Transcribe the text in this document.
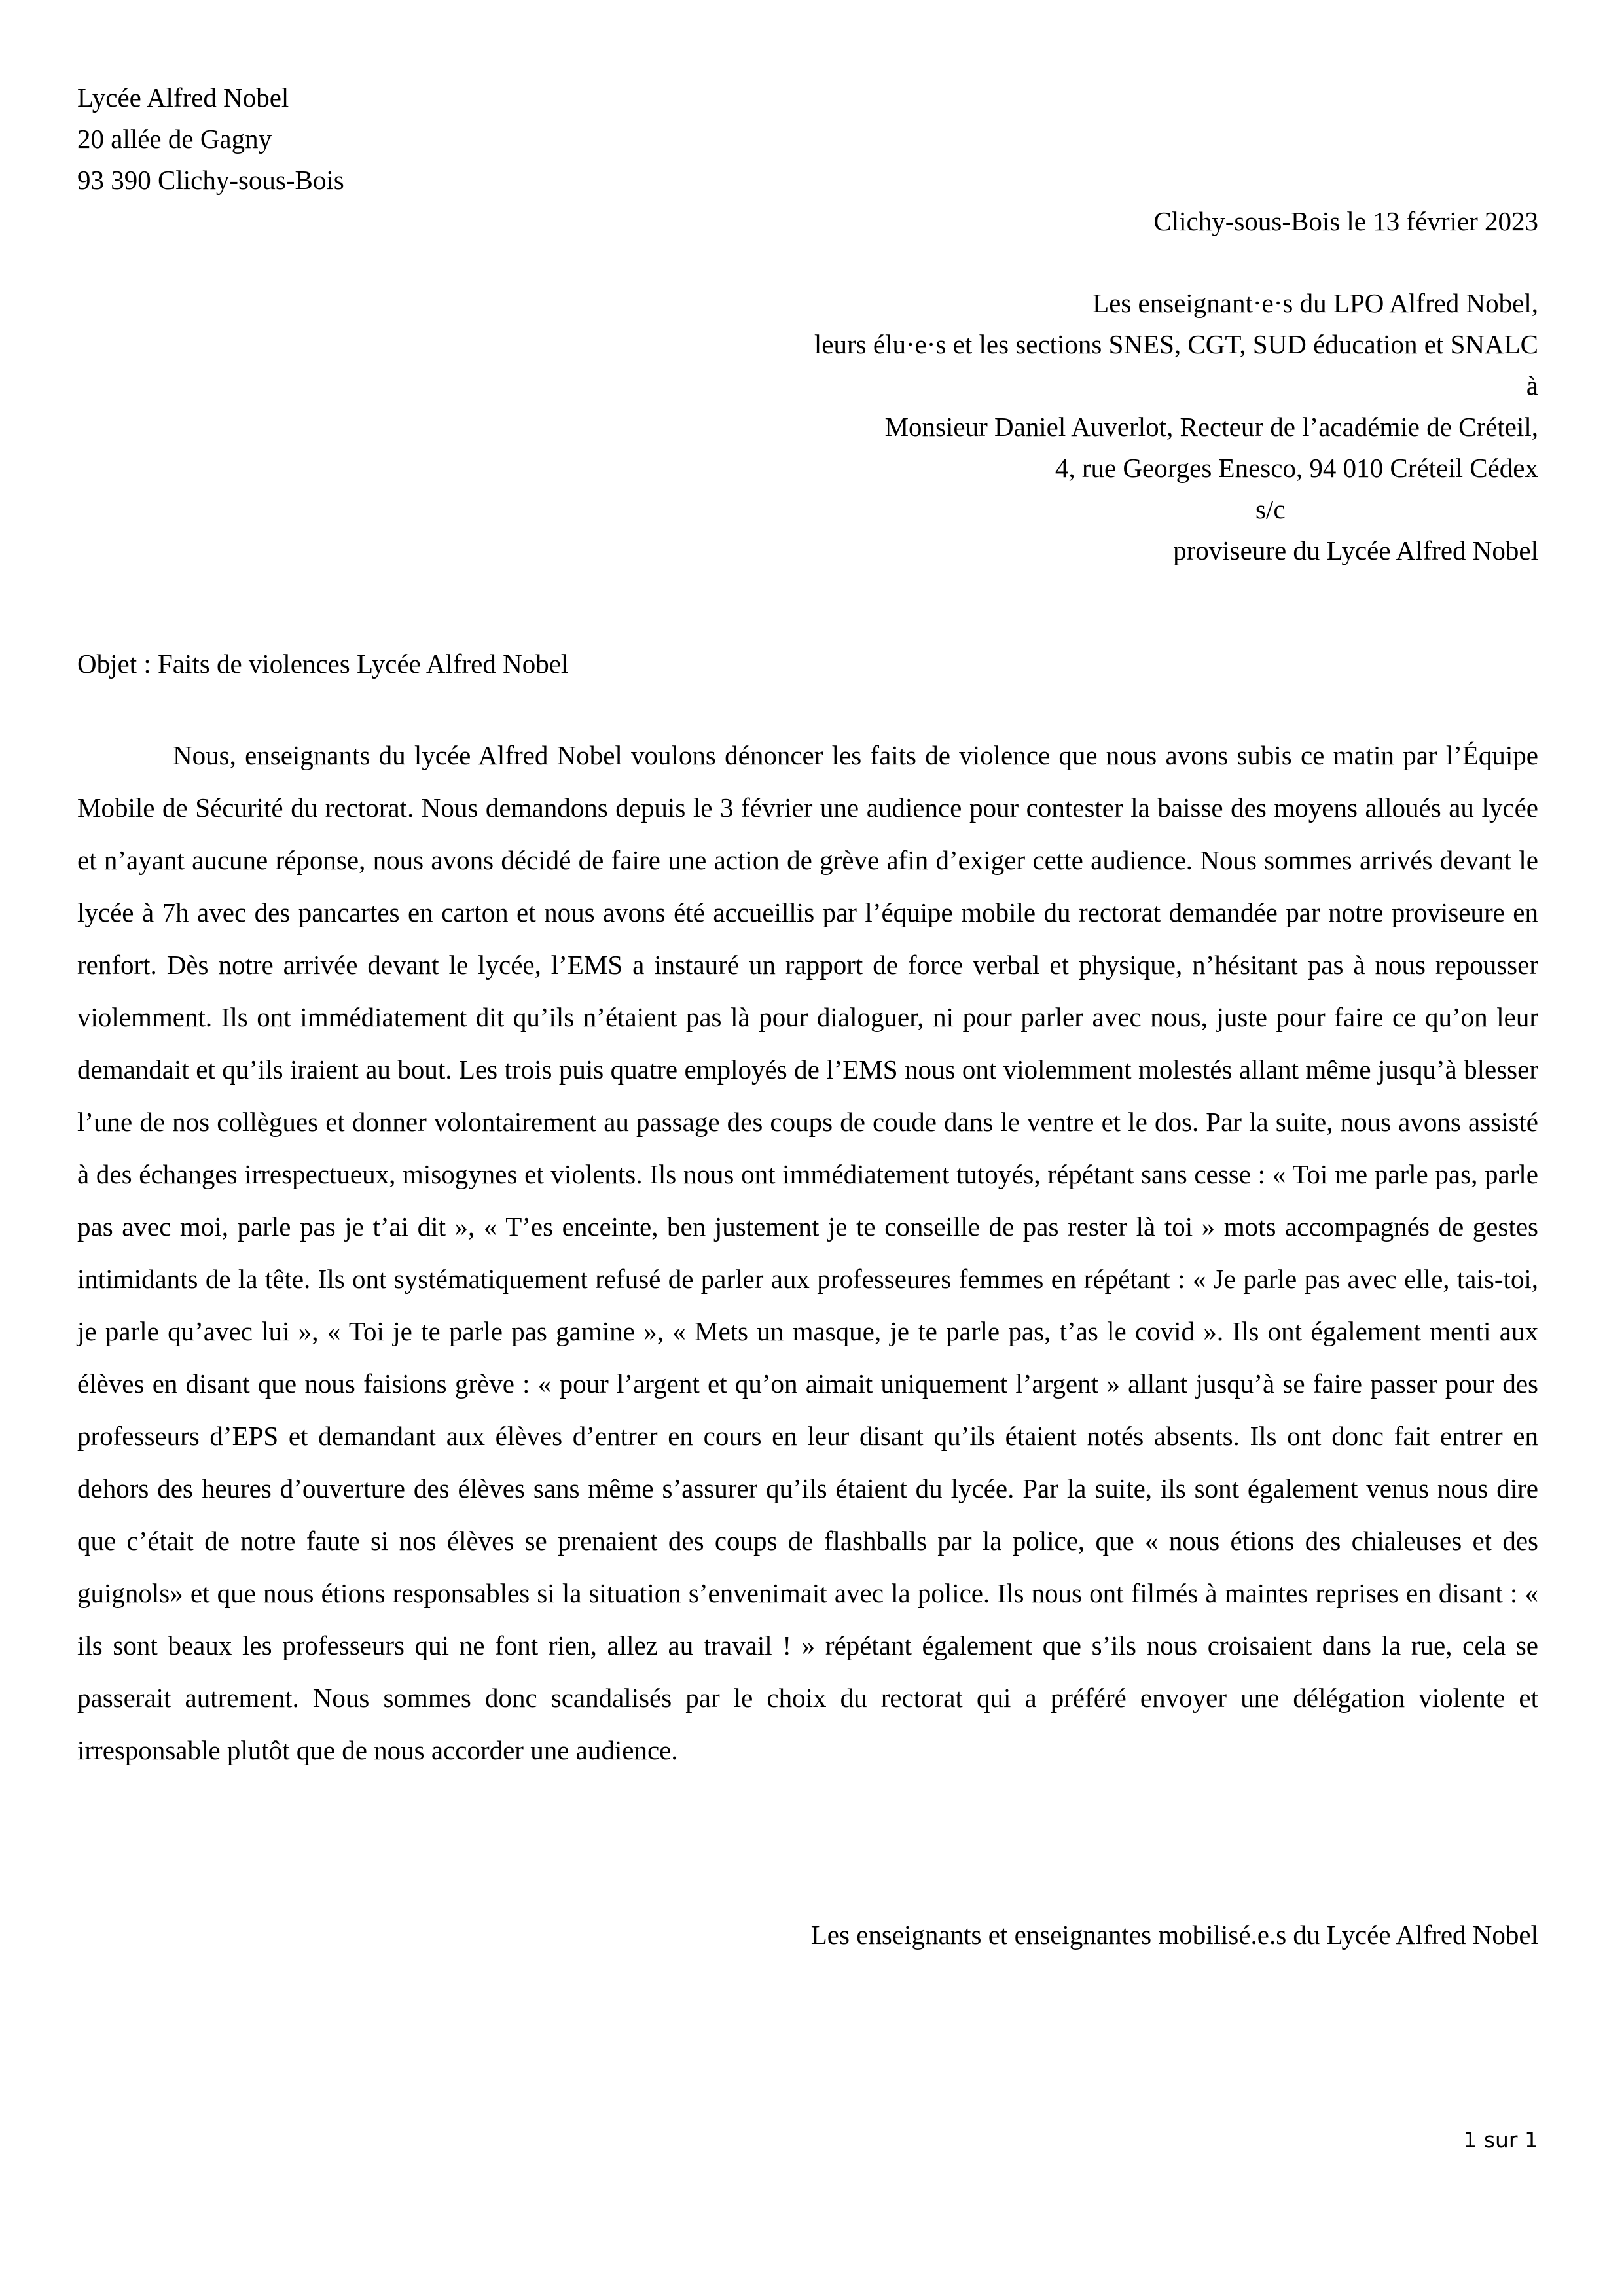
Lycée Alfred Nobel
20 allée de Gagny
93 390 Clichy-sous-Bois
Clichy-sous-Bois le 13 février 2023
Les enseignant·e·s du LPO Alfred Nobel,
leurs élu·e·s et les sections SNES, CGT, SUD éducation et SNALC
à
Monsieur Daniel Auverlot, Recteur de l’académie de Créteil,
4, rue Georges Enesco, 94 010 Créteil Cédex
s/c
proviseure du Lycée Alfred Nobel
Objet : Faits de violences Lycée Alfred Nobel

Nous, enseignants du lycée Alfred Nobel voulons dénoncer les faits de violence que nous avons subis ce matin par l’Équipe Mobile de Sécurité du rectorat. Nous demandons depuis le 3 février une audience pour contester la baisse des moyens alloués au lycée et n’ayant aucune réponse, nous avons décidé de faire une action de grève afin d’exiger cette audience. Nous sommes arrivés devant le lycée à 7h avec des pancartes en carton et nous avons été accueillis par l’équipe mobile du rectorat demandée par notre proviseure en renfort. Dès notre arrivée devant le lycée, l’EMS a instauré un rapport de force verbal et physique, n’hésitant pas à nous repousser violemment. Ils ont immédiatement dit qu’ils n’étaient pas là pour dialoguer, ni pour parler avec nous, juste pour faire ce qu’on leur demandait et qu’ils iraient au bout. Les trois puis quatre employés de l’EMS nous ont violemment molestés allant même jusqu’à blesser l’une de nos collègues et donner volontairement au passage des coups de coude dans le ventre et le dos. Par la suite, nous avons assisté à des échanges irrespectueux, misogynes et violents. Ils nous ont immédiatement tutoyés, répétant sans cesse : « Toi me parle pas, parle pas avec moi, parle pas je t’ai dit », « T’es enceinte, ben justement je te conseille de pas rester là toi » mots accompagnés de gestes intimidants de la tête. Ils ont systématiquement refusé de parler aux professeures femmes en répétant : « Je parle pas avec elle, tais-toi, je parle qu’avec lui », « Toi je te parle pas gamine », « Mets un masque, je te parle pas, t’as le covid ». Ils ont également menti aux élèves en disant que nous faisions grève : « pour l’argent et qu’on aimait uniquement l’argent » allant jusqu’à se faire passer pour des professeurs d’EPS et demandant aux élèves d’entrer en cours en leur disant qu’ils étaient notés absents. Ils ont donc fait entrer en dehors des heures d’ouverture des élèves sans même s’assurer qu’ils étaient du lycée. Par la suite, ils sont également venus nous dire que c’était de notre faute si nos élèves se prenaient des coups de flashballs par la police, que « nous étions des chialeuses et des guignols» et que nous étions responsables si la situation s’envenimait avec la police. Ils nous ont filmés à maintes reprises en disant : « ils sont beaux les professeurs qui ne font rien, allez au travail ! » répétant également que s’ils nous croisaient dans la rue, cela se passerait autrement. Nous sommes donc scandalisés par le choix du rectorat qui a préféré envoyer une délégation violente et irresponsable plutôt que de nous accorder une audience.

Les enseignants et enseignantes mobilisé.e.s du Lycée Alfred Nobel
1 sur 1
